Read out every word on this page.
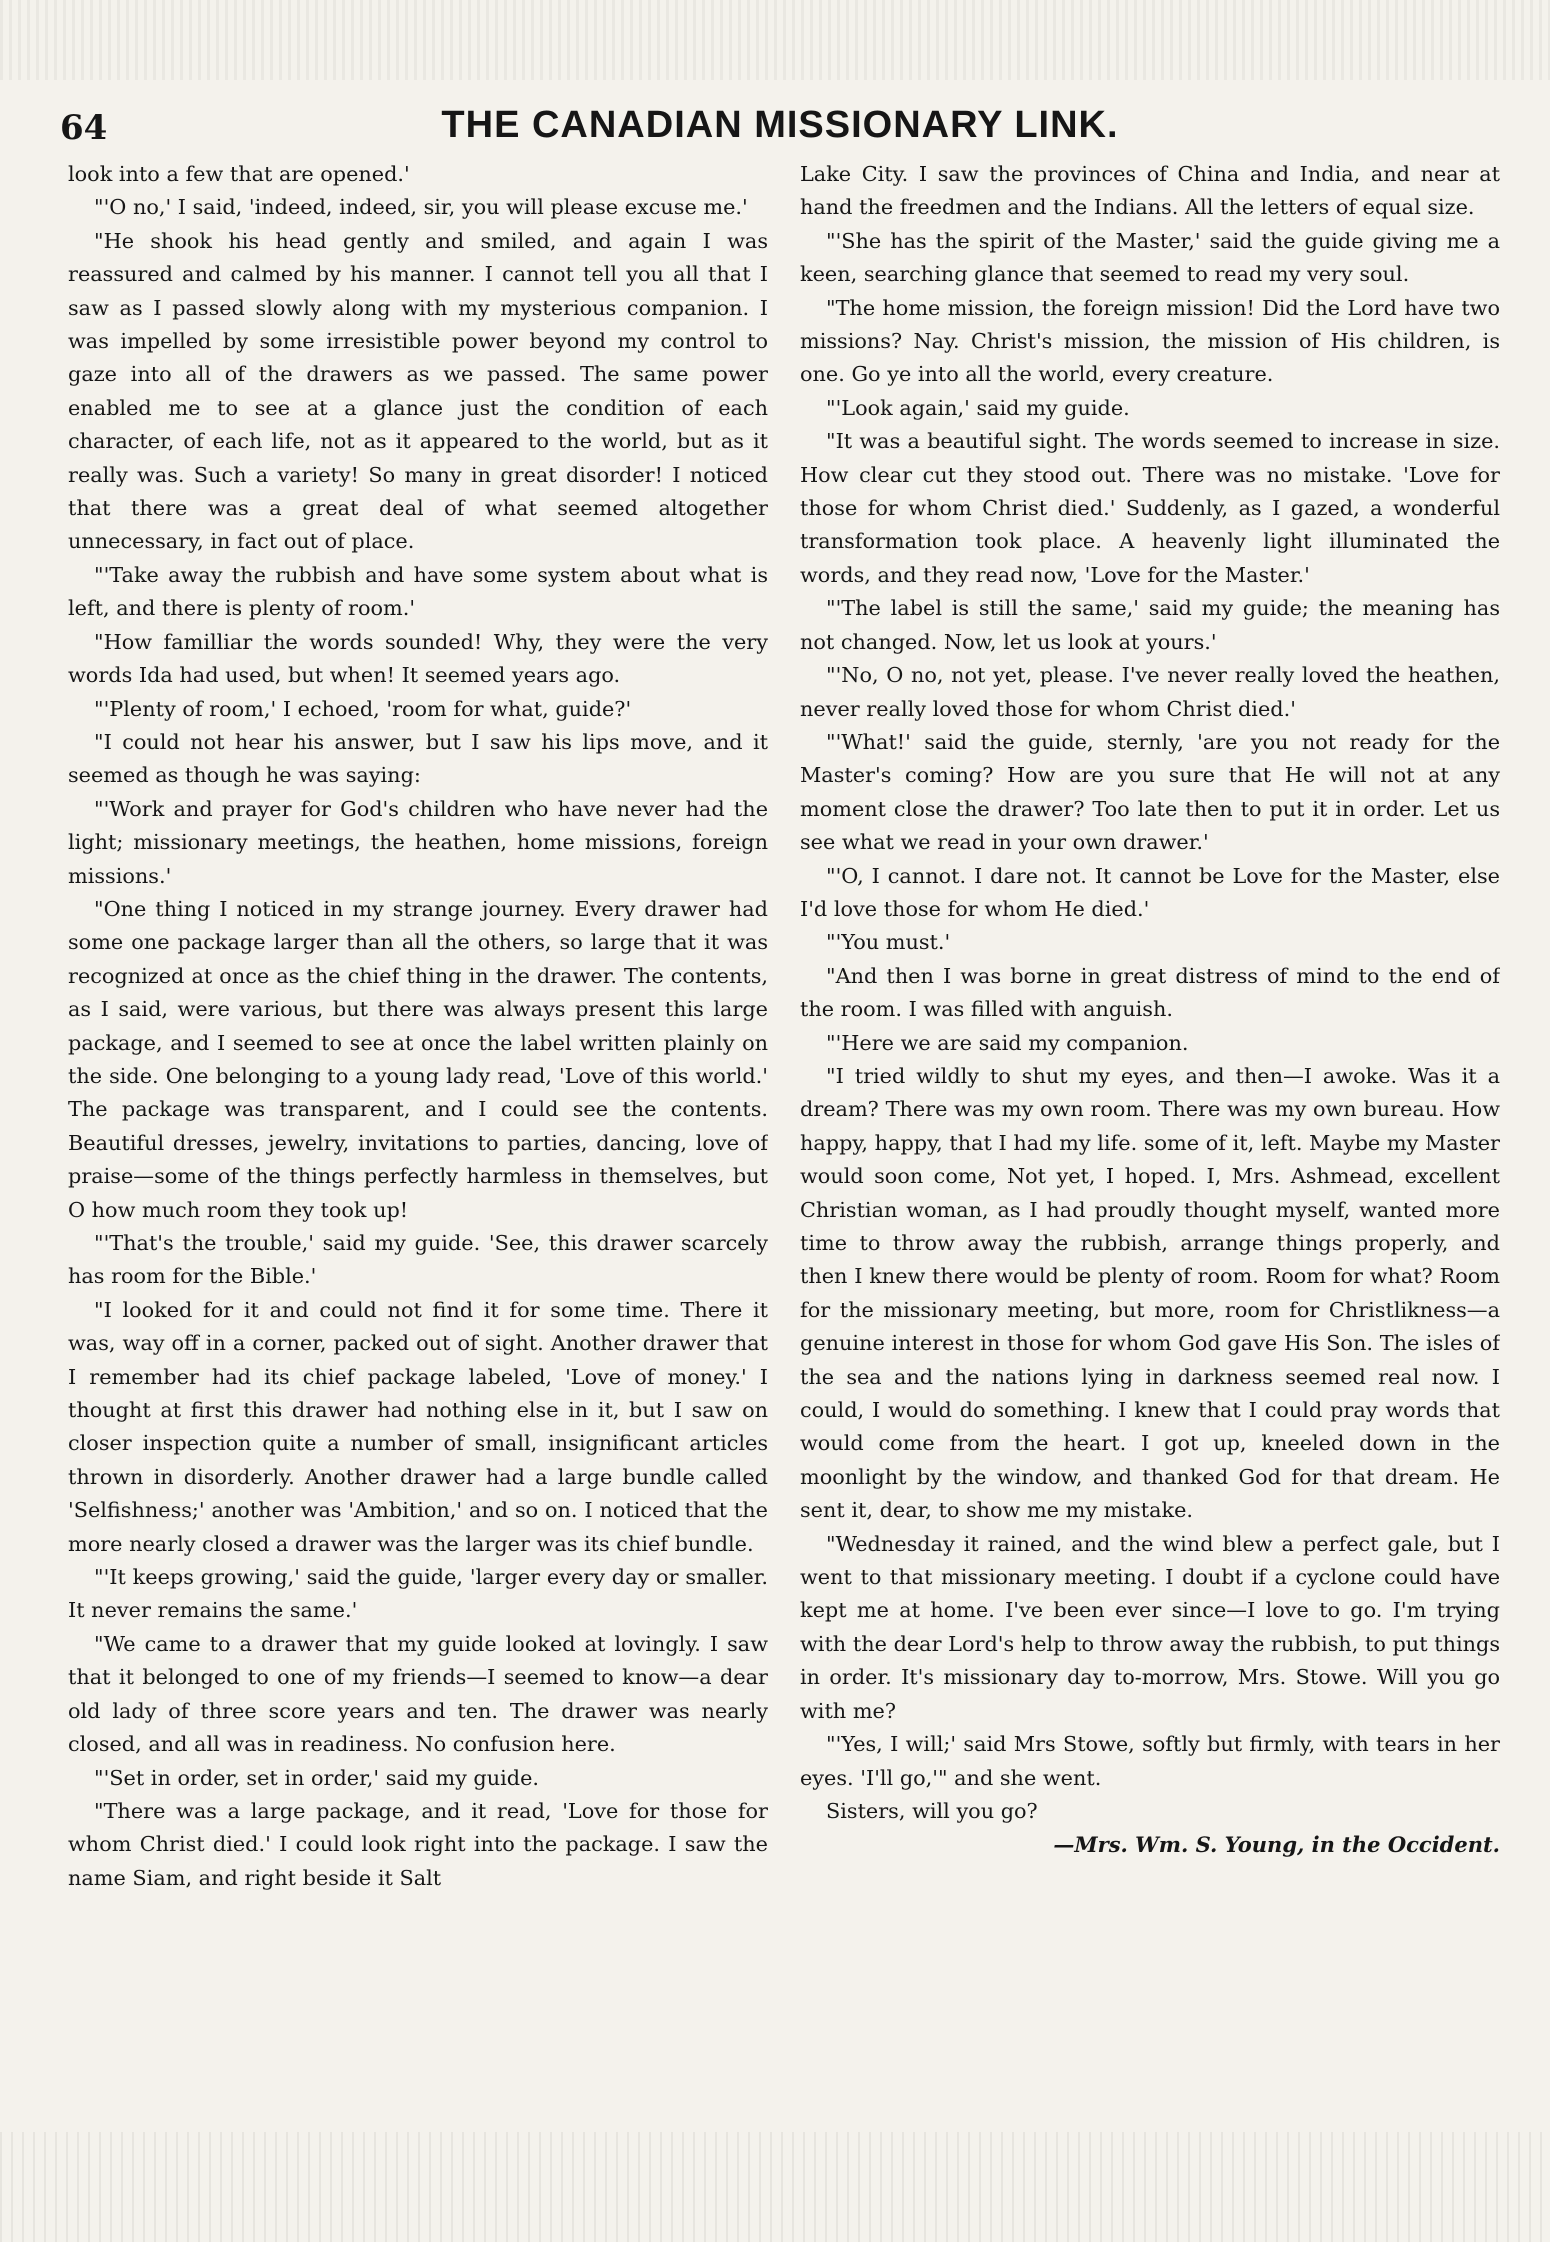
64	THE CANADIAN MISSIONARY LINK.

look into a few that are opened.'

"'O no,' I said, 'indeed, indeed, sir, you will please excuse me.'

"He shook his head gently and smiled, and again I was reassured and calmed by his manner. I cannot tell you all that I saw as I passed slowly along with my mysterious companion. I was impelled by some irresistible power beyond my control to gaze into all of the drawers as we passed. The same power enabled me to see at a glance just the condition of each character, of each life, not as it appeared to the world, but as it really was. Such a variety! So many in great disorder! I noticed that there was a great deal of what seemed altogether unnecessary, in fact out of place.

"'Take away the rubbish and have some system about what is left, and there is plenty of room.'

"How familliar the words sounded! Why, they were the very words Ida had used, but when! It seemed years ago.

"'Plenty of room,' I echoed, 'room for what, guide?'

"I could not hear his answer, but I saw his lips move, and it seemed as though he was saying:

"'Work and prayer for God's children who have never had the light; missionary meetings, the heathen, home missions, foreign missions.'

"One thing I noticed in my strange journey. Every drawer had some one package larger than all the others, so large that it was recognized at once as the chief thing in the drawer. The contents, as I said, were various, but there was always present this large package, and I seemed to see at once the label written plainly on the side. One belonging to a young lady read, 'Love of this world.' The package was transparent, and I could see the contents. Beautiful dresses, jewelry, invitations to parties, dancing, love of praise—some of the things perfectly harmless in themselves, but O how much room they took up!

"'That's the trouble,' said my guide. 'See, this drawer scarcely has room for the Bible.'

"I looked for it and could not find it for some time. There it was, way off in a corner, packed out of sight. Another drawer that I remember had its chief package labeled, 'Love of money.' I thought at first this drawer had nothing else in it, but I saw on closer inspection quite a number of small, insignificant articles thrown in disorderly. Another drawer had a large bundle called 'Selfishness;' another was 'Ambition,' and so on. I noticed that the more nearly closed a drawer was the larger was its chief bundle.

"'It keeps growing,' said the guide, 'larger every day or smaller. It never remains the same.'

"We came to a drawer that my guide looked at lovingly. I saw that it belonged to one of my friends—I seemed to know—a dear old lady of three score years and ten. The drawer was nearly closed, and all was in readiness. No confusion here.

"'Set in order, set in order,' said my guide.

"There was a large package, and it read, 'Love for those for whom Christ died.' I could look right into the package. I saw the name Siam, and right beside it Salt

Lake City. I saw the provinces of China and India, and near at hand the freedmen and the Indians. All the letters of equal size.

"'She has the spirit of the Master,' said the guide giving me a keen, searching glance that seemed to read my very soul.

"The home mission, the foreign mission! Did the Lord have two missions? Nay. Christ's mission, the mission of His children, is one. Go ye into all the world, every creature.

"'Look again,' said my guide.

"It was a beautiful sight. The words seemed to increase in size. How clear cut they stood out. There was no mistake. 'Love for those for whom Christ died.' Suddenly, as I gazed, a wonderful transformation took place. A heavenly light illuminated the words, and they read now, 'Love for the Master.'

"'The label is still the same,' said my guide; the meaning has not changed. Now, let us look at yours.'

"'No, O no, not yet, please. I've never really loved the heathen, never really loved those for whom Christ died.'

"'What!' said the guide, sternly, 'are you not ready for the Master's coming? How are you sure that He will not at any moment close the drawer? Too late then to put it in order. Let us see what we read in your own drawer.'

"'O, I cannot. I dare not. It cannot be Love for the Master, else I'd love those for whom He died.'

"'You must.'

"And then I was borne in great distress of mind to the end of the room. I was filled with anguish.

"'Here we are said my companion.

"I tried wildly to shut my eyes, and then—I awoke. Was it a dream? There was my own room. There was my own bureau. How happy, happy, that I had my life. some of it, left. Maybe my Master would soon come, Not yet, I hoped. I, Mrs. Ashmead, excellent Christian woman, as I had proudly thought myself, wanted more time to throw away the rubbish, arrange things properly, and then I knew there would be plenty of room. Room for what? Room for the missionary meeting, but more, room for Christlikness—a genuine interest in those for whom God gave His Son. The isles of the sea and the nations lying in darkness seemed real now. I could, I would do something. I knew that I could pray words that would come from the heart. I got up, kneeled down in the moonlight by the window, and thanked God for that dream. He sent it, dear, to show me my mistake.

"Wednesday it rained, and the wind blew a perfect gale, but I went to that missionary meeting. I doubt if a cyclone could have kept me at home. I've been ever since—I love to go. I'm trying with the dear Lord's help to throw away the rubbish, to put things in order. It's missionary day to-morrow, Mrs. Stowe. Will you go with me?

"'Yes, I will;' said Mrs Stowe, softly but firmly, with tears in her eyes. 'I'll go,'" and she went.

Sisters, will you go?

—Mrs. Wm. S. Young, in the Occident.
